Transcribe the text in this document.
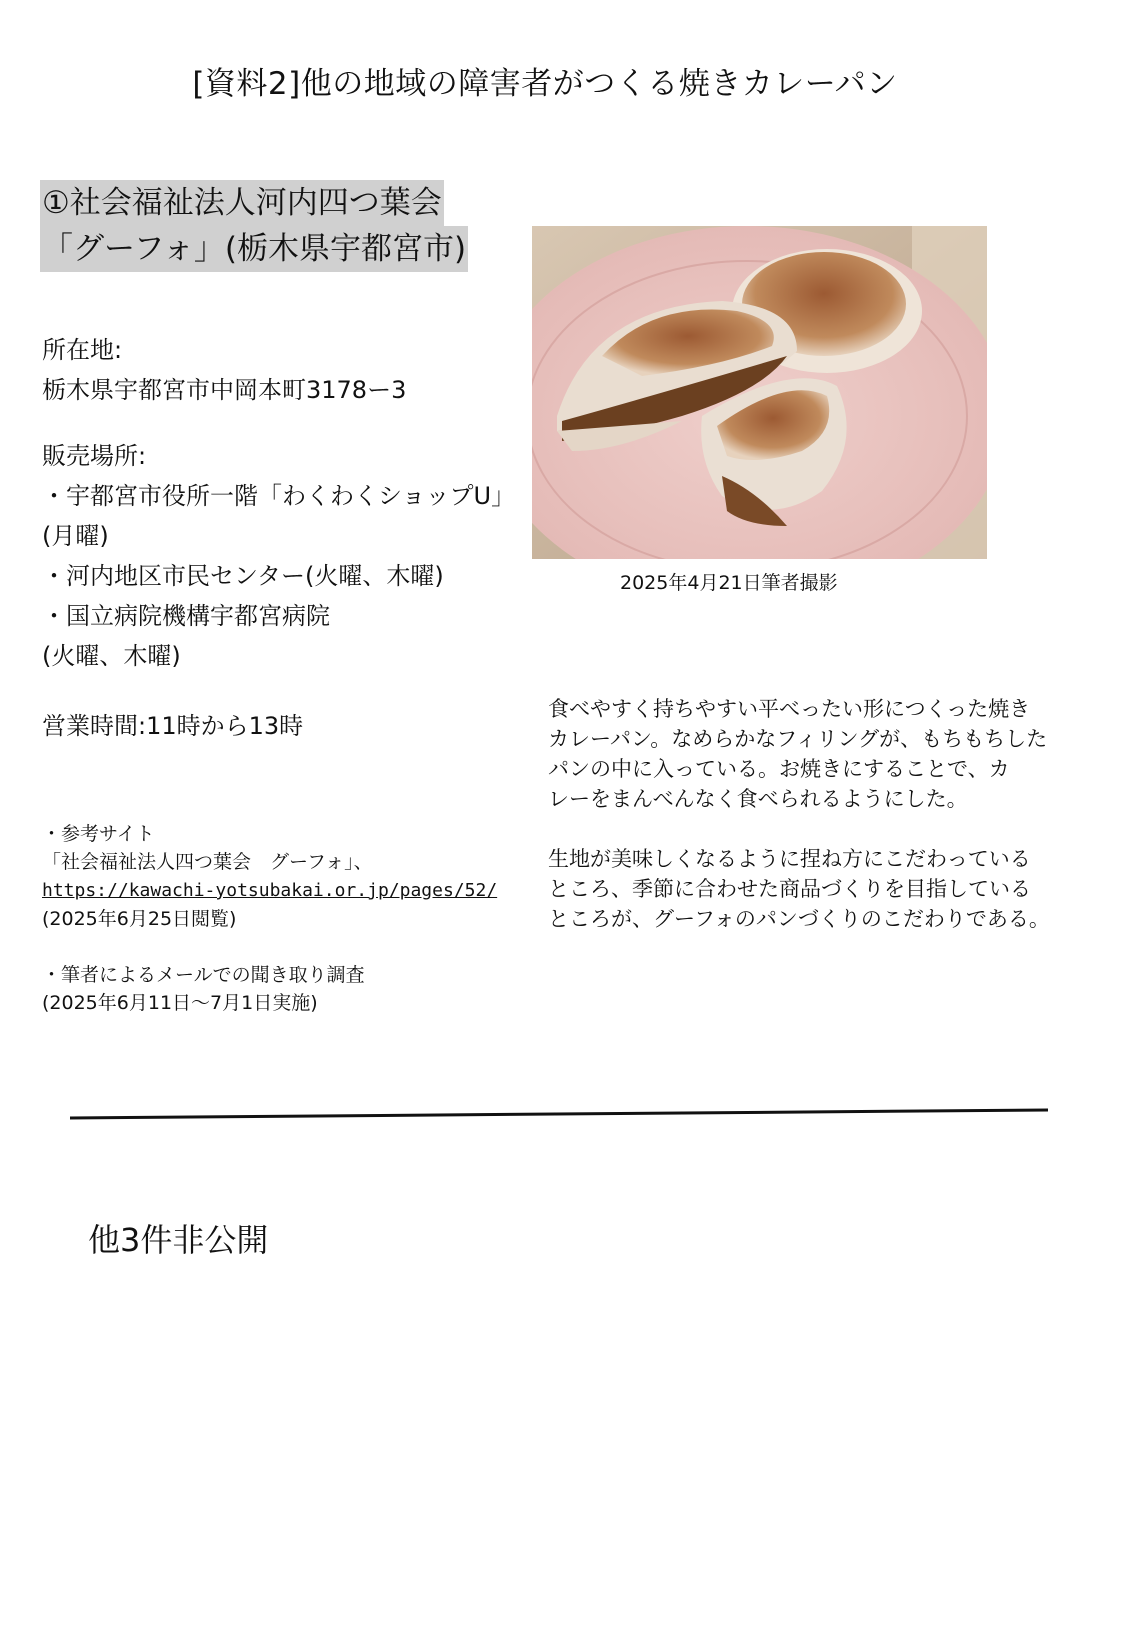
[資料2]他の地域の障害者がつくる焼きカレーパン
①社会福祉法人河内四つ葉会
「グーフォ」(栃木県宇都宮市)
所在地:
栃木県宇都宮市中岡本町3178ー3
販売場所:
・宇都宮市役所一階「わくわくショップU」
(月曜)
・河内地区市民センター(火曜、木曜)
・国立病院機構宇都宮病院
(火曜、木曜)
営業時間:11時から13時
・参考サイト
「社会福祉法人四つ葉会　グーフォ」、
https://kawachi-yotsubakai.or.jp/pages/52/
(2025年6月25日閲覧)
・筆者によるメールでの聞き取り調査
(2025年6月11日～7月1日実施)
2025年4月21日筆者撮影
食べやすく持ちやすい平べったい形につくった焼き
カレーパン。なめらかなフィリングが、もちもちした
パンの中に入っている。お焼きにすることで、カ
レーをまんべんなく食べられるようにした。
生地が美味しくなるように捏ね方にこだわっている
ところ、季節に合わせた商品づくりを目指している
ところが、グーフォのパンづくりのこだわりである。
他3件非公開
